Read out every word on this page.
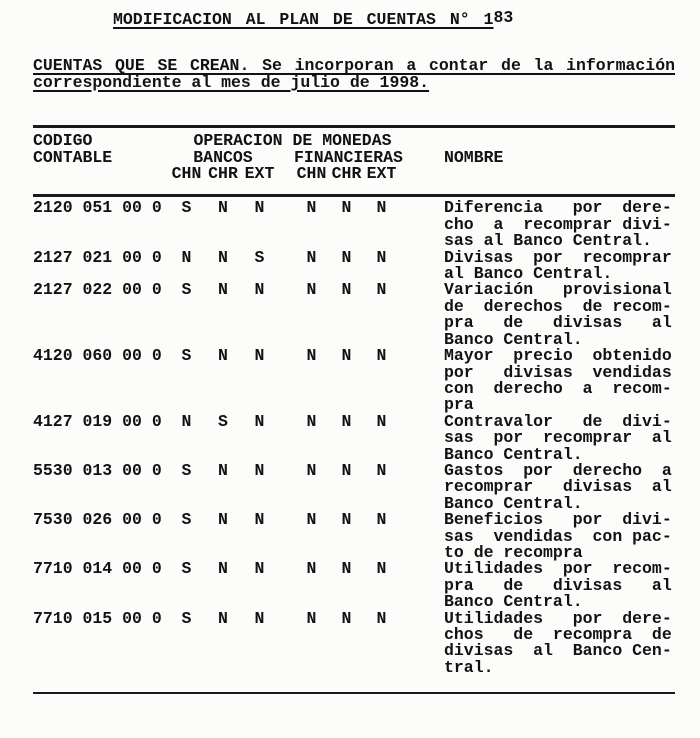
MODIFICACION AL PLAN DE CUENTAS N° 183
CUENTAS QUE SE CREAN. Se incorporan a contar de la información correspondiente al mes de julio de 1998.
CODIGO	OPERACION DE MONEDAS
CONTABLE	BANCOS	FINANCIERAS NOMBRE
CHN CHR EXT CHN CHR EXT
2120 051 00 0	S	N	N	N	N	N	Diferencia   por  dere-
cho  a  recomprar divi-
sas al Banco Central.
2127 021 00 0	N	N	S	N	N	N	Divisas  por  recomprar
al Banco Central.
2127 022 00 0	S	N	N	N	N	N	Variación   provisional
de  derechos  de recom-
pra   de   divisas   al
Banco Central.
4120 060 00 0	S	N	N	N	N	N	Mayor  precio  obtenido
por   divisas  vendidas
con  derecho  a  recom-
pra
4127 019 00 0	N	S	N	N	N	N	Contravalor   de  divi-
sas  por  recomprar  al
Banco Central.
5530 013 00 0	S	N	N	N	N	N	Gastos  por  derecho  a
recomprar   divisas  al
Banco Central.
7530 026 00 0	S	N	N	N	N	N	Beneficios   por  divi-
sas  vendidas  con pac-
to de recompra
7710 014 00 0	S	N	N	N	N	N	Utilidades  por  recom-
pra   de   divisas   al
Banco Central.
7710 015 00 0	S	N	N	N	N	N	Utilidades   por  dere-
chos   de  recompra  de
divisas  al  Banco Cen-
tral.
